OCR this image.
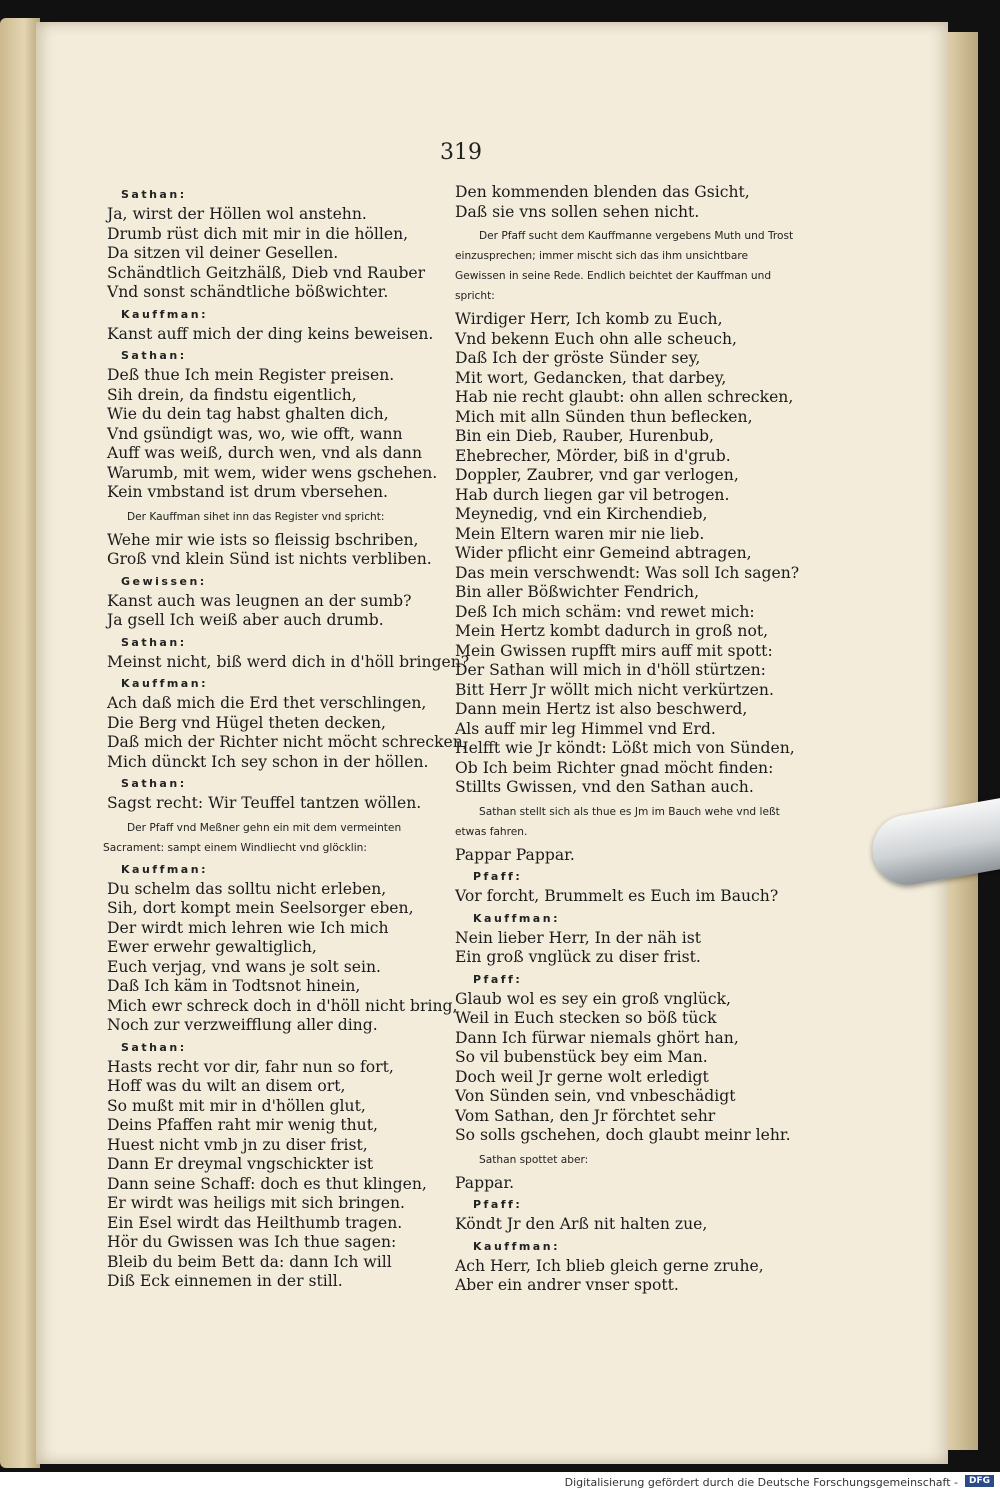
319
Sathan:
Ja, wirst der Höllen wol anstehn.
Drumb rüst dich mit mir in die höllen,
Da sitzen vil deiner Gesellen.
Schändtlich Geitzhälß, Dieb vnd Rauber
Vnd sonst schändtliche bößwichter.
Kauffman:
Kanst auff mich der ding keins beweisen.
Sathan:
Deß thue Ich mein Register preisen.
Sih drein, da findstu eigentlich,
Wie du dein tag habst ghalten dich,
Vnd gsündigt was, wo, wie offt, wann
Auff was weiß, durch wen, vnd als dann
Warumb, mit wem, wider wens gschehen.
Kein vmbstand ist drum vbersehen.
Der Kauffman sihet inn das Register vnd spricht:
Wehe mir wie ists so fleissig bschriben,
Groß vnd klein Sünd ist nichts verbliben.
Gewissen:
Kanst auch was leugnen an der sumb?
Ja gsell Ich weiß aber auch drumb.
Sathan:
Meinst nicht, biß werd dich in d'höll bringen?
Kauffman:
Ach daß mich die Erd thet verschlingen,
Die Berg vnd Hügel theten decken,
Daß mich der Richter nicht möcht schrecken,
Mich dünckt Ich sey schon in der höllen.
Sathan:
Sagst recht: Wir Teuffel tantzen wöllen.
Der Pfaff vnd Meßner gehn ein mit dem vermeinten Sacrament: sampt einem Windliecht vnd glöcklin:
Kauffman:
Du schelm das solltu nicht erleben,
Sih, dort kompt mein Seelsorger eben,
Der wirdt mich lehren wie Ich mich
Ewer erwehr gewaltiglich,
Euch verjag, vnd wans je solt sein.
Daß Ich käm in Todtsnot hinein,
Mich ewr schreck doch in d'höll nicht bring,
Noch zur verzweifflung aller ding.
Sathan:
Hasts recht vor dir, fahr nun so fort,
Hoff was du wilt an disem ort,
So mußt mit mir in d'höllen glut,
Deins Pfaffen raht mir wenig thut,
Huest nicht vmb jn zu diser frist,
Dann Er dreymal vngschickter ist
Dann seine Schaff: doch es thut klingen,
Er wirdt was heiligs mit sich bringen.
Ein Esel wirdt das Heilthumb tragen.
Hör du Gwissen was Ich thue sagen:
Bleib du beim Bett da: dann Ich will
Diß Eck einnemen in der still.
Den kommenden blenden das Gsicht,
Daß sie vns sollen sehen nicht.
Der Pfaff sucht dem Kauffmanne vergebens Muth und Trost einzusprechen; immer mischt sich das ihm unsichtbare Gewissen in seine Rede. Endlich beichtet der Kauffman und spricht:
Wirdiger Herr, Ich komb zu Euch,
Vnd bekenn Euch ohn alle scheuch,
Daß Ich der gröste Sünder sey,
Mit wort, Gedancken, that darbey,
Hab nie recht glaubt: ohn allen schrecken,
Mich mit alln Sünden thun beflecken,
Bin ein Dieb, Rauber, Hurenbub,
Ehebrecher, Mörder, biß in d'grub.
Doppler, Zaubrer, vnd gar verlogen,
Hab durch liegen gar vil betrogen.
Meynedig, vnd ein Kirchendieb,
Mein Eltern waren mir nie lieb.
Wider pflicht einr Gemeind abtragen,
Das mein verschwendt: Was soll Ich sagen?
Bin aller Bößwichter Fendrich,
Deß Ich mich schäm: vnd rewet mich:
Mein Hertz kombt dadurch in groß not,
Mein Gwissen rupfft mirs auff mit spott:
Der Sathan will mich in d'höll stürtzen:
Bitt Herr Jr wöllt mich nicht verkürtzen.
Dann mein Hertz ist also beschwerd,
Als auff mir leg Himmel vnd Erd.
Helfft wie Jr köndt: Lößt mich von Sünden,
Ob Ich beim Richter gnad möcht finden:
Stillts Gwissen, vnd den Sathan auch.
Sathan stellt sich als thue es Jm im Bauch wehe vnd leßt etwas fahren.
Pappar Pappar.
Pfaff:
Vor forcht, Brummelt es Euch im Bauch?
Kauffman:
Nein lieber Herr, In der näh ist
Ein groß vnglück zu diser frist.
Pfaff:
Glaub wol es sey ein groß vnglück,
Weil in Euch stecken so böß tück
Dann Ich fürwar niemals ghört han,
So vil bubenstück bey eim Man.
Doch weil Jr gerne wolt erledigt
Von Sünden sein, vnd vnbeschädigt
Vom Sathan, den Jr förchtet sehr
So solls gschehen, doch glaubt meinr lehr.
Sathan spottet aber:
Pappar.
Pfaff:
Köndt Jr den Arß nit halten zue,
Kauffman:
Ach Herr, Ich blieb gleich gerne zruhe,
Aber ein andrer vnser spott.
Digitalisierung gefördert durch die Deutsche Forschungsgemeinschaft -	DFG
